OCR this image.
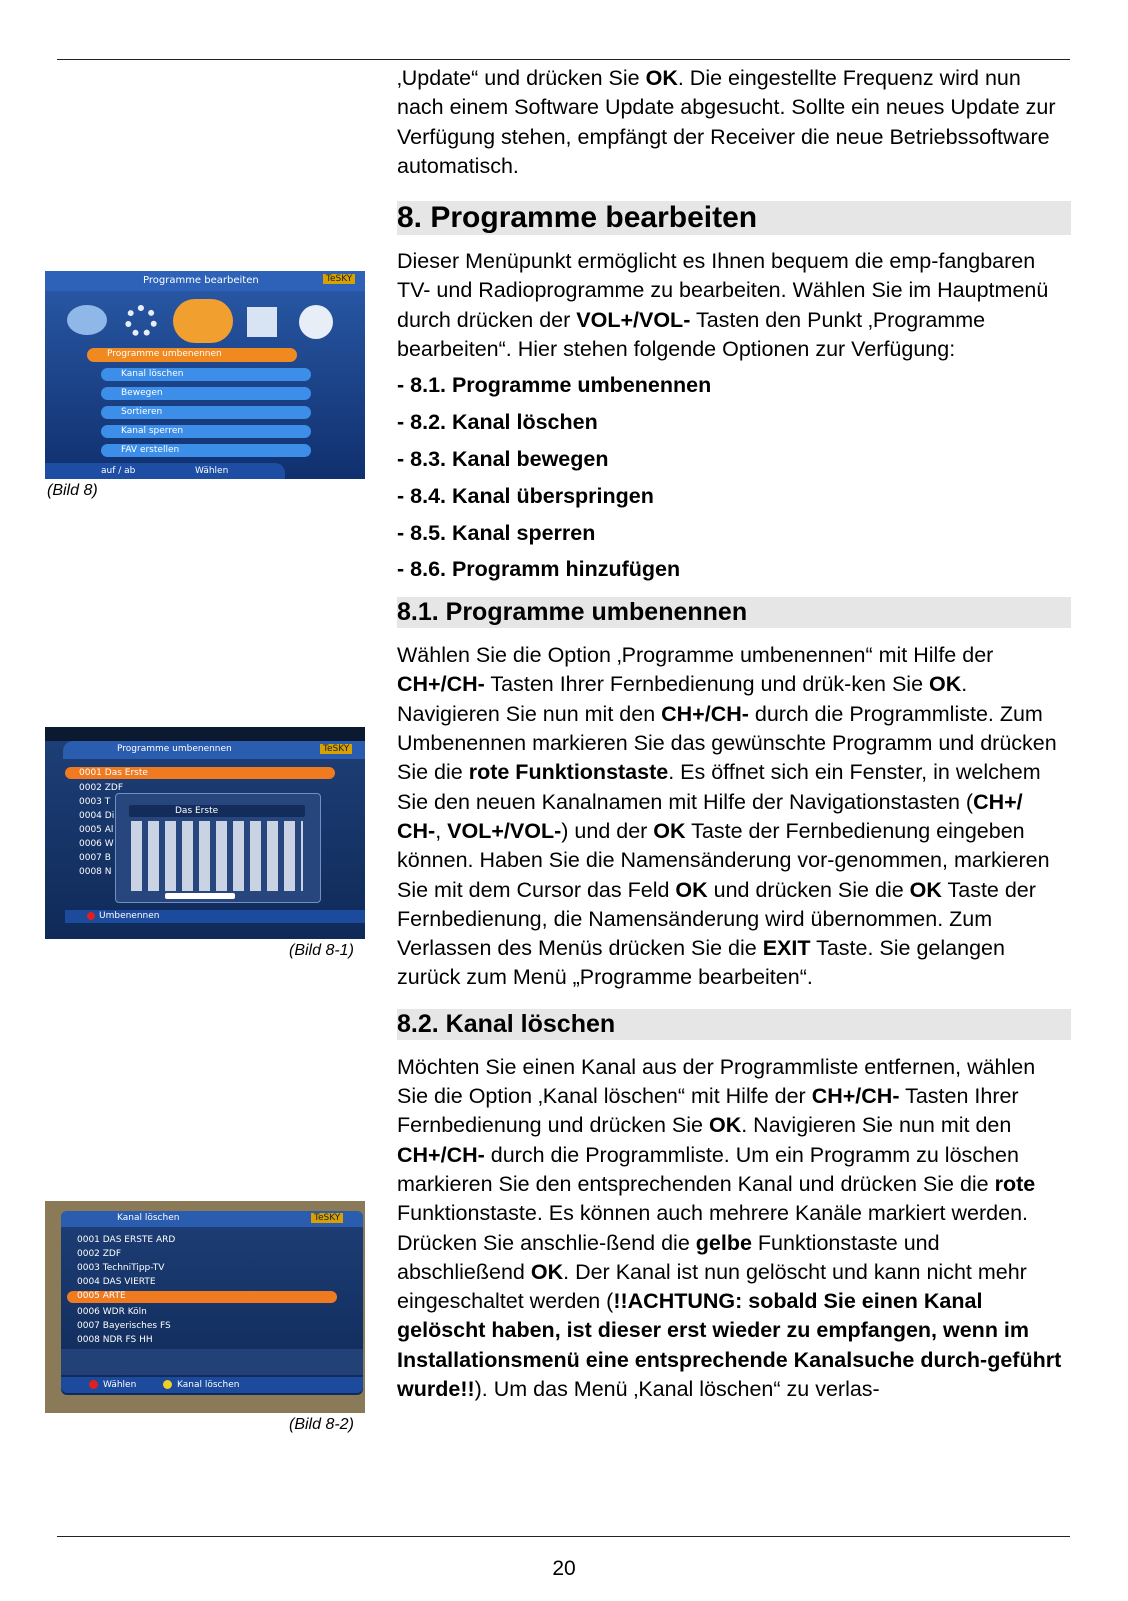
Programme bearbeiten	TeSKY
Programme umbenennen
Kanal löschen
Bewegen
Sortieren
Kanal sperren
FAV erstellen
auf / ab	Wählen
(Bild 8)
Programme umbenennen	TeSKY
0001 Das Erste
0002 ZDF
0003 T
0004 Di
0005 Al
0006 W
0007 B
0008 N
Das Erste
Umbenennen
(Bild 8-1)
Kanal löschen	TeSKY
0001 DAS ERSTE ARD
0002 ZDF
0003 TechniTipp-TV
0004 DAS VIERTE
0005 ARTE
0006 WDR Köln
0007 Bayerisches FS
0008 NDR FS HH
Wählen	Kanal löschen
(Bild 8-2)

‚Update“ und drücken Sie OK. Die eingestellte Frequenz wird nun nach einem Software Update abgesucht. Sollte ein neues Update zur Verfügung stehen, empfängt der Receiver die neue Betriebssoftware automatisch.

8. Programme bearbeiten

Dieser Menüpunkt ermöglicht es Ihnen bequem die emp-fangbaren TV- und Radioprogramme zu bearbeiten. Wählen Sie im Hauptmenü durch drücken der VOL+/VOL- Tasten den Punkt ‚Programme bearbeiten“. Hier stehen folgende Optionen zur Verfügung:

- 8.1. Programme umbenennen
- 8.2. Kanal löschen
- 8.3. Kanal bewegen
- 8.4. Kanal überspringen
- 8.5. Kanal sperren
- 8.6. Programm hinzufügen
8.1. Programme umbenennen

Wählen Sie die Option ‚Programme umbenennen“ mit Hilfe der CH+/CH- Tasten Ihrer Fernbedienung und drük-ken Sie OK. Navigieren Sie nun mit den CH+/CH- durch die Programmliste. Zum Umbenennen markieren Sie das gewünschte Programm und drücken Sie die rote Funktionstaste. Es öffnet sich ein Fenster, in welchem Sie den neuen Kanalnamen mit Hilfe der Navigationstasten (CH+/ CH-, VOL+/VOL-) und der OK Taste der Fernbedienung eingeben können. Haben Sie die Namensänderung vor-genommen, markieren Sie mit dem Cursor das Feld OK und drücken Sie die OK Taste der Fernbedienung, die Namensänderung wird übernommen. Zum Verlassen des Menüs drücken Sie die EXIT Taste. Sie gelangen zurück zum Menü „Programme bearbeiten“.

8.2. Kanal löschen

Möchten Sie einen Kanal aus der Programmliste entfernen, wählen Sie die Option ‚Kanal löschen“ mit Hilfe der CH+/CH- Tasten Ihrer Fernbedienung und drücken Sie OK. Navigieren Sie nun mit den CH+/CH- durch die Programmliste. Um ein Programm zu löschen markieren Sie den entsprechenden Kanal und drücken Sie die rote Funktionstaste. Es können auch mehrere Kanäle markiert werden. Drücken Sie anschlie-ßend die gelbe Funktionstaste und abschließend OK. Der Kanal ist nun gelöscht und kann nicht mehr eingeschaltet werden (!!ACHTUNG: sobald Sie einen Kanal gelöscht haben, ist dieser erst wieder zu empfangen, wenn im Installationsmenü eine entsprechende Kanalsuche durch-geführt wurde!!). Um das Menü ‚Kanal löschen“ zu verlas-

20
